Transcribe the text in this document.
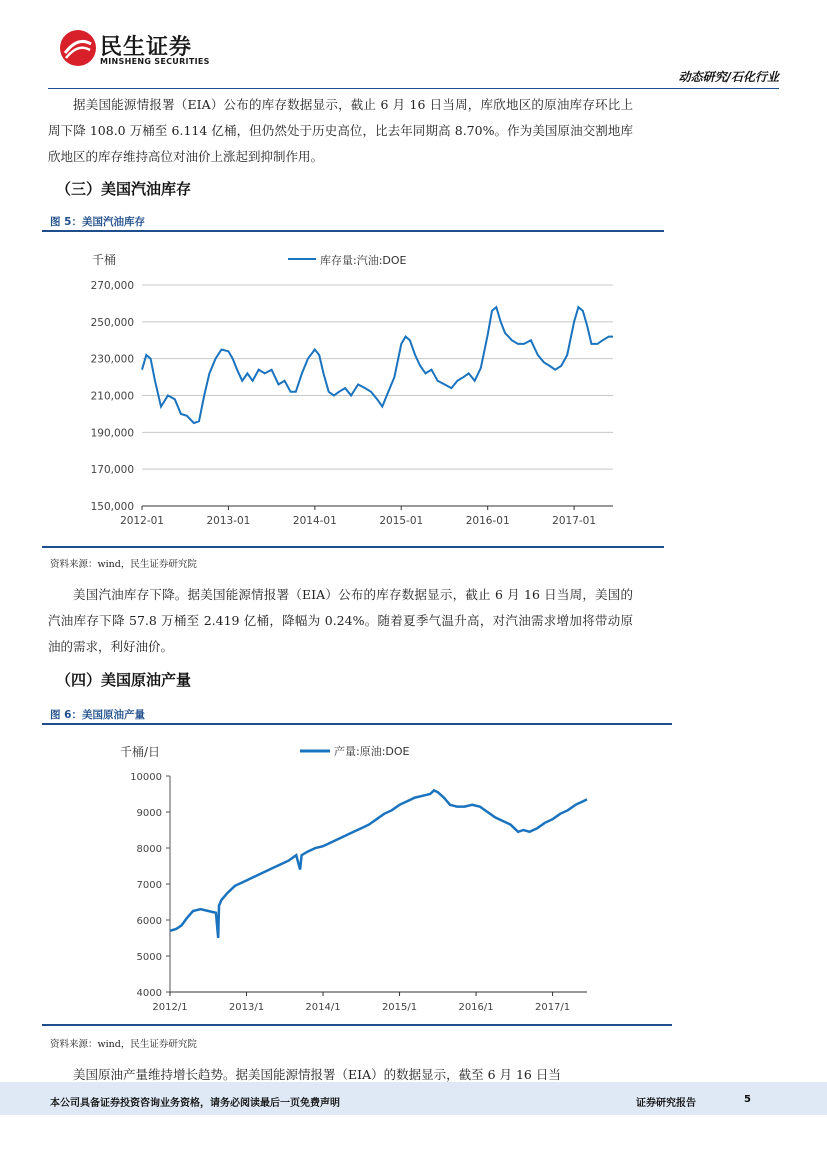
民生证券
MINSHENG SECURITIES
动态研究/石化行业

据美国能源情报署（EIA）公布的库存数据显示，截止 6 月 16 日当周，库欣地区的原油库存环比上周下降 108.0 万桶至 6.114 亿桶，但仍然处于历史高位，比去年同期高 8.70%。作为美国原油交割地库欣地区的库存维持高位对油价上涨起到抑制作用。

（三）美国汽油库存
图 5：美国汽油库存
千桶	库存量:汽油:DOE
150,000
170,000
190,000
210,000
230,000
250,000
270,000
2012-01	2013-01	2014-01	2015-01	2016-01	2017-01
资料来源：wind，民生证券研究院

美国汽油库存下降。据美国能源情报署（EIA）公布的库存数据显示，截止 6 月 16 日当周，美国的汽油库存下降 57.8 万桶至 2.419 亿桶，降幅为 0.24%。随着夏季气温升高，对汽油需求增加将带动原油的需求，利好油价。

（四）美国原油产量
图 6：美国原油产量
千桶/日	产量:原油:DOE
4000
5000
6000
7000
8000
9000
10000
2012/1	2013/1	2014/1	2015/1	2016/1	2017/1
资料来源：wind，民生证券研究院

美国原油产量维持增长趋势。据美国能源情报署（EIA）的数据显示，截至 6 月 16 日当

本公司具备证券投资咨询业务资格，请务必阅读最后一页免费声明	证券研究报告	5
